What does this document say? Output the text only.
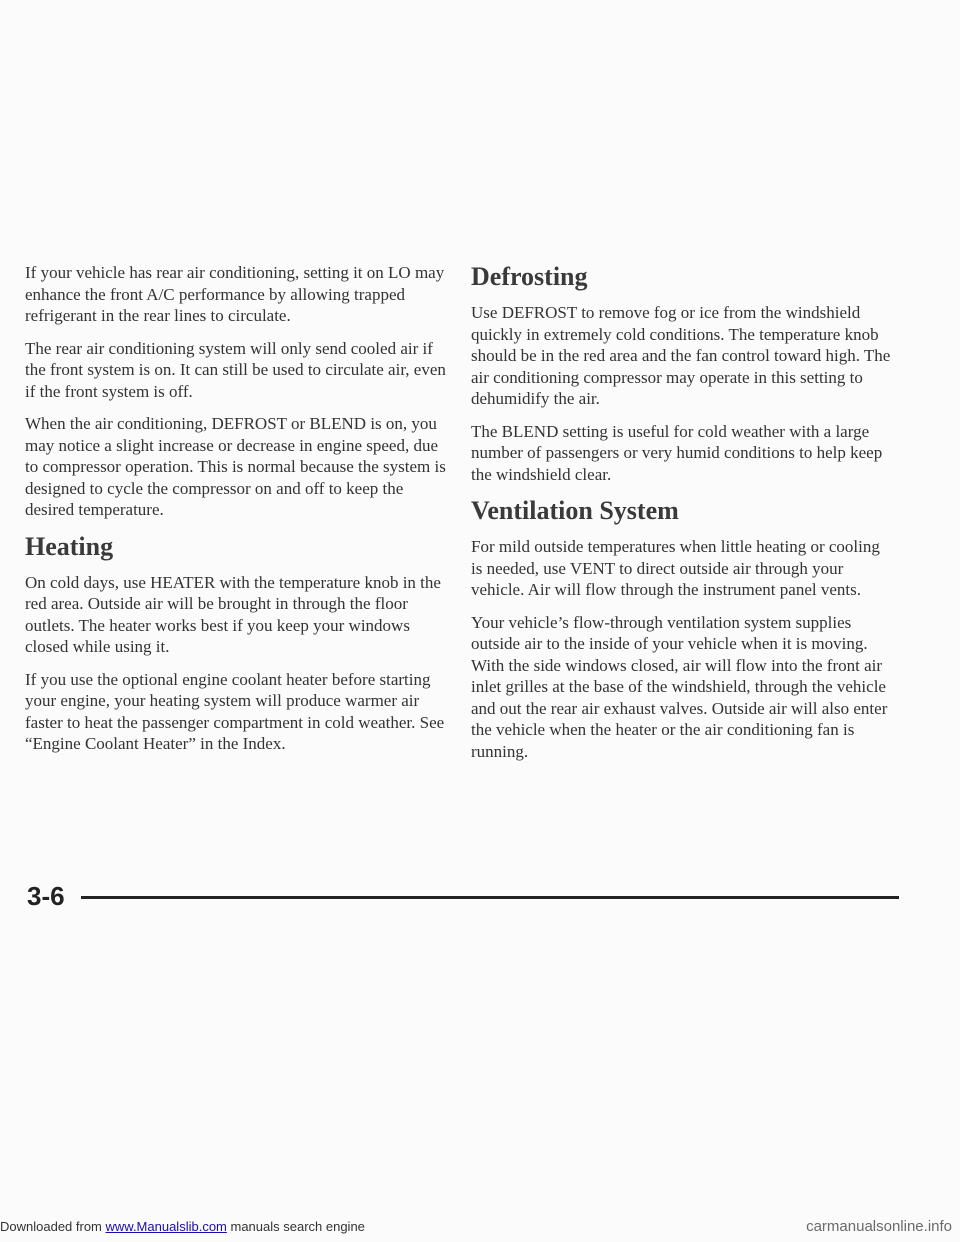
If your vehicle has rear air conditioning, setting it on LO may enhance the front A/C performance by allowing trapped refrigerant in the rear lines to circulate.

The rear air conditioning system will only send cooled air if the front system is on. It can still be used to circulate air, even if the front system is off.

When the air conditioning, DEFROST or BLEND is on, you may notice a slight increase or decrease in engine speed, due to compressor operation. This is normal because the system is designed to cycle the compressor on and off to keep the desired temperature.

Heating

On cold days, use HEATER with the temperature knob in the red area. Outside air will be brought in through the floor outlets. The heater works best if you keep your windows closed while using it.

If you use the optional engine coolant heater before starting your engine, your heating system will produce warmer air faster to heat the passenger compartment in cold weather. See “Engine Coolant Heater” in the Index.

Defrosting

Use DEFROST to remove fog or ice from the windshield quickly in extremely cold conditions. The temperature knob should be in the red area and the fan control toward high. The air conditioning compressor may operate in this setting to dehumidify the air.

The BLEND setting is useful for cold weather with a large number of passengers or very humid conditions to help keep the windshield clear.

Ventilation System

For mild outside temperatures when little heating or cooling is needed, use VENT to direct outside air through your vehicle. Air will flow through the instrument panel vents.

Your vehicle’s flow-through ventilation system supplies outside air to the inside of your vehicle when it is moving. With the side windows closed, air will flow into the front air inlet grilles at the base of the windshield, through the vehicle and out the rear air exhaust valves. Outside air will also enter the vehicle when the heater or the air conditioning fan is running.

3-6
Downloaded from www.Manualslib.com manuals search engine	carmanualsonline.info
